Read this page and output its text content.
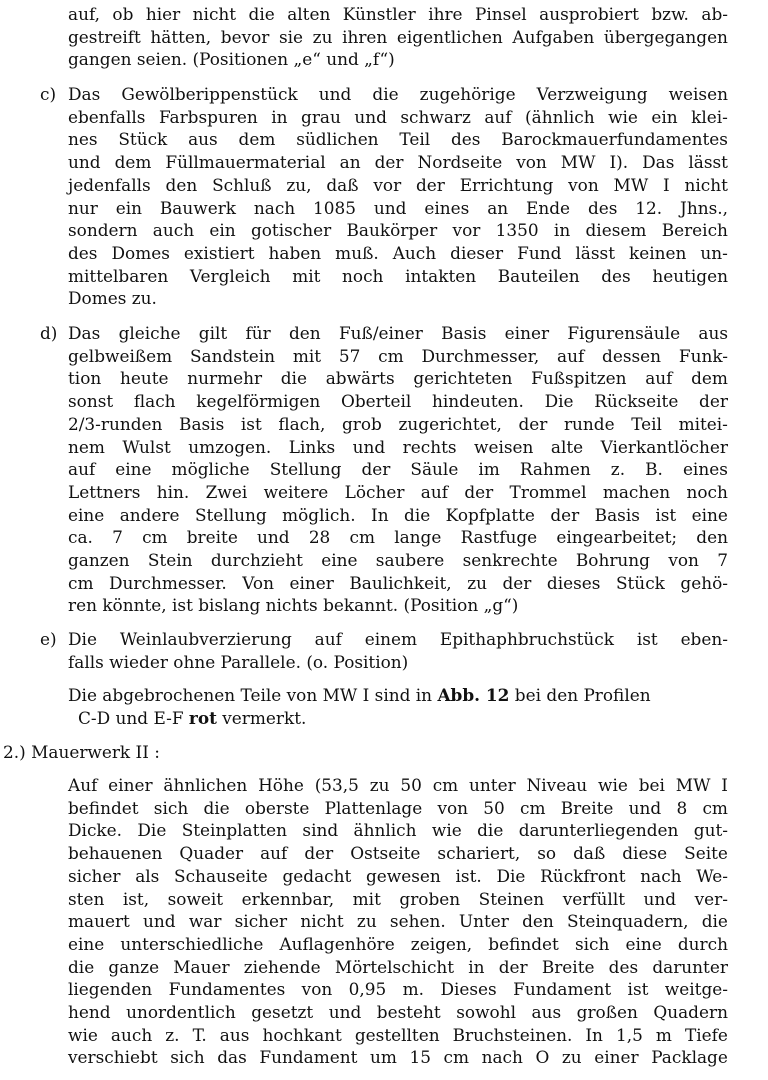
auf, ob hier nicht die alten Künstler ihre Pinsel ausprobiert bzw. ab-
gestreift hätten, bevor sie zu ihren eigentlichen Aufgaben übergegangen
gangen seien. (Positionen „e“ und „f“)
c) Das Gewölberippenstück und die zugehörige Verzweigung weisen
ebenfalls Farbspuren in grau und schwarz auf (ähnlich wie ein klei-
nes Stück aus dem südlichen Teil des Barockmauerfundamentes
und dem Füllmauermaterial an der Nordseite von MW I). Das lässt
jedenfalls den Schluß zu, daß vor der Errichtung von MW I nicht
nur ein Bauwerk nach 1085 und eines an Ende des 12. Jhns.,
sondern auch ein gotischer Baukörper vor 1350 in diesem Bereich
des Domes existiert haben muß. Auch dieser Fund lässt keinen un-
mittelbaren Vergleich mit noch intakten Bauteilen des heutigen
Domes zu.
d) Das gleiche gilt für den Fuß/einer Basis einer Figurensäule aus
gelbweißem Sandstein mit 57 cm Durchmesser, auf dessen Funk-
tion heute nurmehr die abwärts gerichteten Fußspitzen auf dem
sonst flach kegelförmigen Oberteil hindeuten. Die Rückseite der
2/3-runden Basis ist flach, grob zugerichtet, der runde Teil mitei-
nem Wulst umzogen. Links und rechts weisen alte Vierkantlöcher
auf eine mögliche Stellung der Säule im Rahmen z. B. eines
Lettners hin. Zwei weitere Löcher auf der Trommel machen noch
eine andere Stellung möglich. In die Kopfplatte der Basis ist eine
ca. 7 cm breite und 28 cm lange Rastfuge eingearbeitet; den
ganzen Stein durchzieht eine saubere senkrechte Bohrung von 7
cm Durchmesser. Von einer Baulichkeit, zu der dieses Stück gehö-
ren könnte, ist bislang nichts bekannt. (Position „g“)
e) Die Weinlaubverzierung auf einem Epithaphbruchstück ist eben-
falls wieder ohne Parallele. (o. Position)
Die abgebrochenen Teile von MW I sind in Abb. 12 bei den Profilen
C-D und E-F rot vermerkt.
2.) Mauerwerk II :
Auf einer ähnlichen Höhe (53,5 zu 50 cm unter Niveau wie bei MW I
befindet sich die oberste Plattenlage von 50 cm Breite und 8 cm
Dicke. Die Steinplatten sind ähnlich wie die darunterliegenden gut-
behauenen Quader auf der Ostseite schariert, so daß diese Seite
sicher als Schauseite gedacht gewesen ist. Die Rückfront nach We-
sten ist, soweit erkennbar, mit groben Steinen verfüllt und ver-
mauert und war sicher nicht zu sehen. Unter den Steinquadern, die
eine unterschiedliche Auflagenhöre zeigen, befindet sich eine durch
die ganze Mauer ziehende Mörtelschicht in der Breite des darunter
liegenden Fundamentes von 0,95 m. Dieses Fundament ist weitge-
hend unordentlich gesetzt und besteht sowohl aus großen Quadern
wie auch z. T. aus hochkant gestellten Bruchsteinen. In 1,5 m Tiefe
verschiebt sich das Fundament um 15 cm nach O zu einer Packlage
